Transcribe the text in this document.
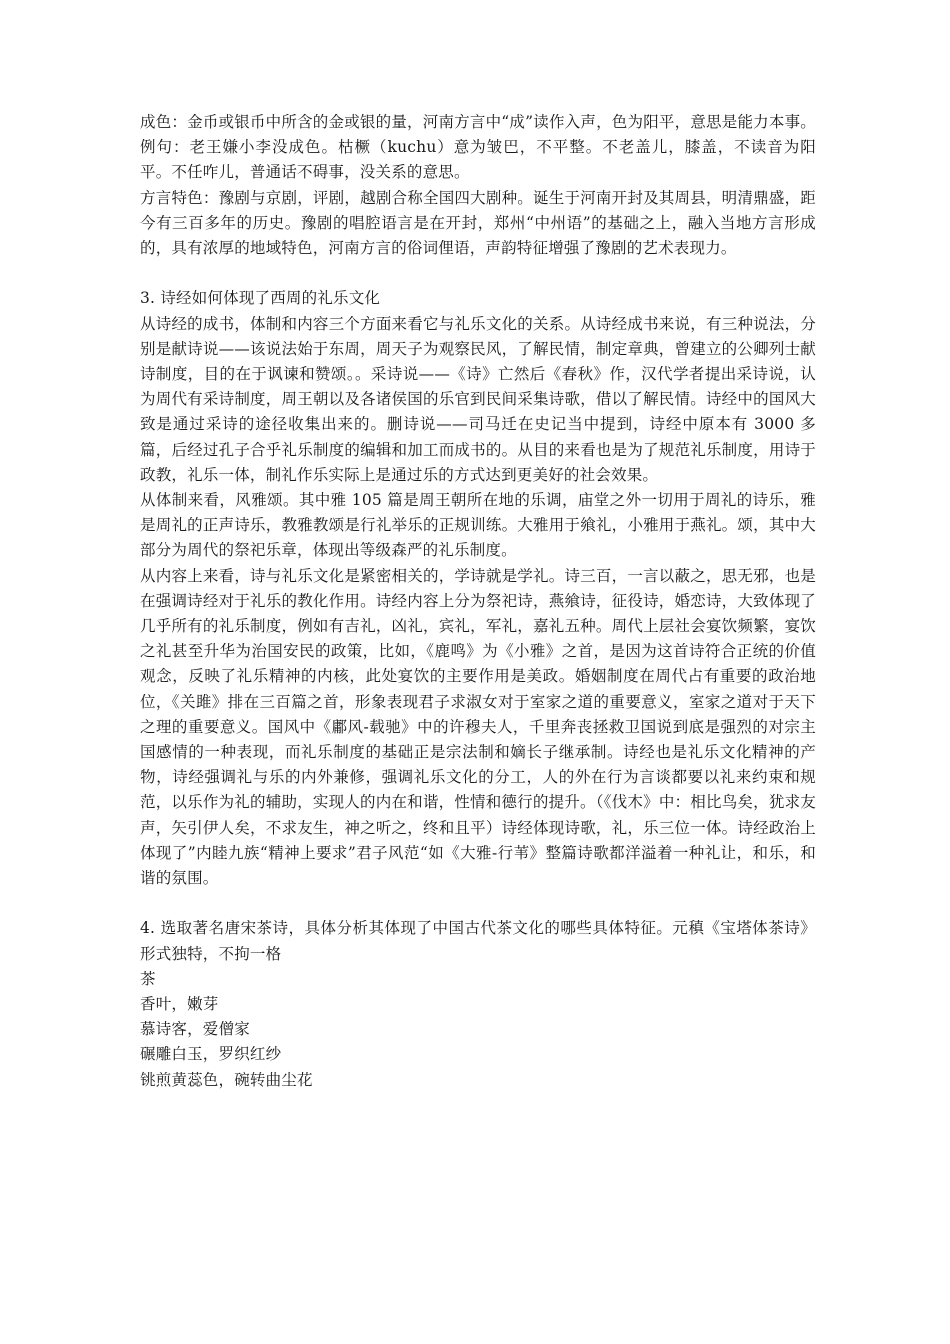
成色：金币或银币中所含的金或银的量，河南方言中“成”读作入声，色为阳平，意思是能力本事。例句：老王嫌小李没成色。枯橛（kuchu）意为皱巴，不平整。不老盖儿，膝盖，不读音为阳平。不任咋儿，普通话不碍事，没关系的意思。

方言特色：豫剧与京剧，评剧，越剧合称全国四大剧种。诞生于河南开封及其周县，明清鼎盛，距今有三百多年的历史。豫剧的唱腔语言是在开封，郑州“中州语”的基础之上，融入当地方言形成的，具有浓厚的地域特色，河南方言的俗词俚语，声韵特征增强了豫剧的艺术表现力。

3. 诗经如何体现了西周的礼乐文化

从诗经的成书，体制和内容三个方面来看它与礼乐文化的关系。从诗经成书来说，有三种说法，分别是献诗说——该说法始于东周，周天子为观察民风，了解民情，制定章典，曾建立的公卿列士献诗制度，目的在于讽谏和赞颂。。采诗说——《诗》亡然后《春秋》作，汉代学者提出采诗说，认为周代有采诗制度，周王朝以及各诸侯国的乐官到民间采集诗歌，借以了解民情。诗经中的国风大致是通过采诗的途径收集出来的。删诗说——司马迁在史记当中提到，诗经中原本有 3000 多篇，后经过孔子合乎礼乐制度的编辑和加工而成书的。从目的来看也是为了规范礼乐制度，用诗于政教，礼乐一体，制礼作乐实际上是通过乐的方式达到更美好的社会效果。

从体制来看，风雅颂。其中雅 105 篇是周王朝所在地的乐调，庙堂之外一切用于周礼的诗乐，雅是周礼的正声诗乐，教雅教颂是行礼举乐的正规训练。大雅用于飨礼，小雅用于燕礼。颂，其中大部分为周代的祭祀乐章，体现出等级森严的礼乐制度。

从内容上来看，诗与礼乐文化是紧密相关的，学诗就是学礼。诗三百，一言以蔽之，思无邪，也是在强调诗经对于礼乐的教化作用。诗经内容上分为祭祀诗，燕飨诗，征役诗，婚恋诗，大致体现了几乎所有的礼乐制度，例如有吉礼，凶礼，宾礼，军礼，嘉礼五种。周代上层社会宴饮频繁，宴饮之礼甚至升华为治国安民的政策，比如，《鹿鸣》为《小雅》之首，是因为这首诗符合正统的价值观念，反映了礼乐精神的内核，此处宴饮的主要作用是美政。婚姻制度在周代占有重要的政治地位，《关雎》排在三百篇之首，形象表现君子求淑女对于室家之道的重要意义，室家之道对于天下之理的重要意义。国风中《鄘风-载驰》中的许穆夫人，千里奔丧拯救卫国说到底是强烈的对宗主国感情的一种表现，而礼乐制度的基础正是宗法制和嫡长子继承制。诗经也是礼乐文化精神的产物，诗经强调礼与乐的内外兼修，强调礼乐文化的分工，人的外在行为言谈都要以礼来约束和规范，以乐作为礼的辅助，实现人的内在和谐，性情和德行的提升。（《伐木》中：相比鸟矣，犹求友声，矢引伊人矣，不求友生，神之听之，终和且平）诗经体现诗歌，礼，乐三位一体。诗经政治上体现了”内睦九族“精神上要求”君子风范“如《大雅-行苇》整篇诗歌都洋溢着一种礼让，和乐，和谐的氛围。

4. 选取著名唐宋茶诗，具体分析其体现了中国古代茶文化的哪些具体特征。元稹《宝塔体茶诗》形式独特，不拘一格

茶

香叶，嫩芽

慕诗客，爱僧家

碾雕白玉，罗织红纱

铫煎黄蕊色，碗转曲尘花
